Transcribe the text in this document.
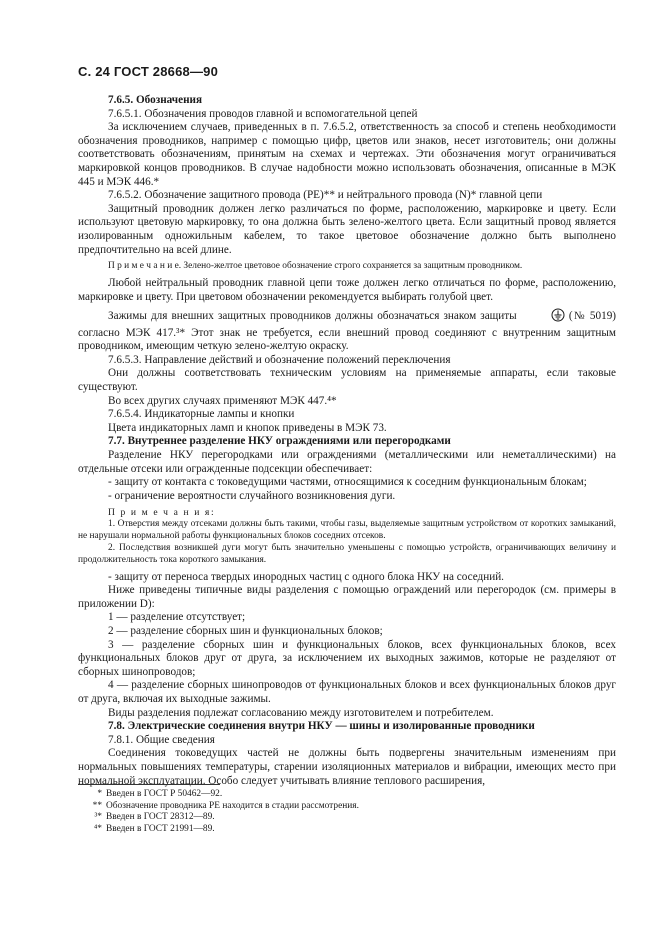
С. 24 ГОСТ 28668—90

7.6.5. Обозначения

7.6.5.1. Обозначения проводов главной и вспомогательной цепей

За исключением случаев, приведенных в п. 7.6.5.2, ответственность за способ и степень необходимости обозначения проводников, например с помощью цифр, цветов или знаков, несет изготовитель; они должны соответствовать обозначениям, принятым на схемах и чертежах. Эти обозначения могут ограничиваться маркировкой концов проводников. В случае надобности можно использовать обозначения, описанные в МЭК 445 и МЭК 446.*

7.6.5.2. Обозначение защитного провода (РЕ)** и нейтрального провода (N)* главной цепи

Защитный проводник должен легко различаться по форме, расположению, маркировке и цвету. Если используют цветовую маркировку, то она должна быть зелено-желтого цвета. Если защитный провод является изолированным одножильным кабелем, то такое цветовое обозначение должно быть выполнено предпочтительно на всей длине.

П р и м е ч а н и е. Зелено-желтое цветовое обозначение строго сохраняется за защитным проводником.

Любой нейтральный проводник главной цепи тоже должен легко отличаться по форме, расположению, маркировке и цвету. При цветовом обозначении рекомендуется выбирать голубой цвет.

Зажимы для внешних защитных проводников должны обозначаться знаком защиты	(№ 5019) согласно МЭК 417.³* Этот знак не требуется, если внешний провод соединяют с внутренним защитным проводником, имеющим четкую зелено-желтую окраску.

7.6.5.3. Направление действий и обозначение положений переключения

Они должны соответствовать техническим условиям на применяемые аппараты, если таковые существуют.

Во всех других случаях применяют МЭК 447.⁴*

7.6.5.4. Индикаторные лампы и кнопки

Цвета индикаторных ламп и кнопок приведены в МЭК 73.

7.7. Внутреннее разделение НКУ ограждениями или перегородками

Разделение НКУ перегородками или ограждениями (металлическими или неметаллическими) на отдельные отсеки или огражденные подсекции обеспечивает:

- защиту от контакта с токоведущими частями, относящимися к соседним функциональным блокам;

- ограничение вероятности случайного возникновения дуги.

П р и м е ч а н и я:

1. Отверстия между отсеками должны быть такими, чтобы газы, выделяемые защитным устройством от коротких замыканий, не нарушали нормальной работы функциональных блоков соседних отсеков.

2. Последствия возникшей дуги могут быть значительно уменьшены с помощью устройств, ограничивающих величину и продолжительность тока короткого замыкания.

- защиту от переноса твердых инородных частиц с одного блока НКУ на соседний.

Ниже приведены типичные виды разделения с помощью ограждений или перегородок (см. примеры в приложении D):

1 — разделение отсутствует;

2 — разделение сборных шин и функциональных блоков;

3 — разделение сборных шин и функциональных блоков, всех функциональных блоков, всех функциональных блоков друг от друга, за исключением их выходных зажимов, которые не разделяют от сборных шинопроводов;

4 — разделение сборных шинопроводов от функциональных блоков и всех функциональных блоков друг от друга, включая их выходные зажимы.

Виды разделения подлежат согласованию между изготовителем и потребителем.

7.8. Электрические соединения внутри НКУ — шины и изолированные проводники

7.8.1. Общие сведения

Соединения токоведущих частей не должны быть подвергены значительным изменениям при нормальных повышениях температуры, старении изоляционных материалов и вибрации, имеющих место при нормальной эксплуатации. Особо следует учитывать влияние теплового расширения,

* Введен в ГОСТ Р 50462—92.

** Обозначение проводника РЕ находится в стадии рассмотрения.

³* Введен в ГОСТ 28312—89.

⁴* Введен в ГОСТ 21991—89.
